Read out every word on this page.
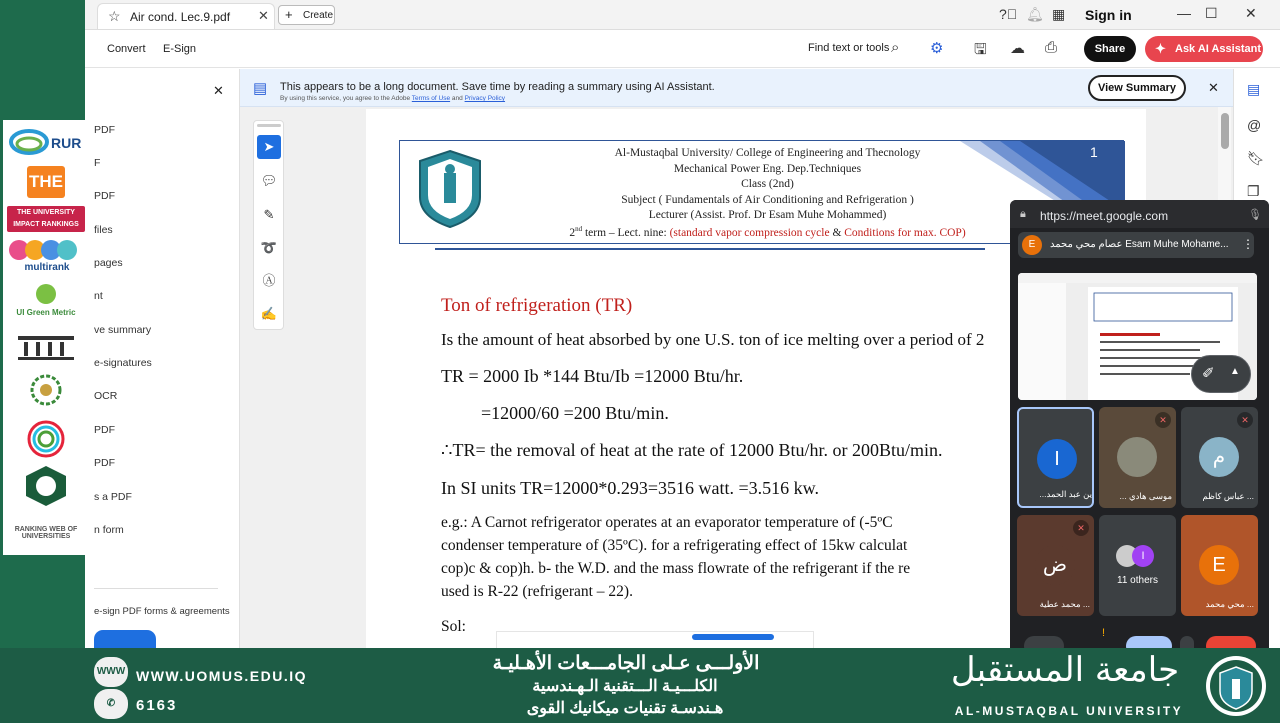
RUR
THE
THE UNIVERSITY IMPACT RANKINGS
multirank
UI Green Metric
RANKING WEB OF UNIVERSITIES
☆ Air cond. Lec.9.pdf ✕ + Create	?⃝ 🔔︎ ▦ Sign in	— ☐ ✕
Convert E-Sign	Find text or tools ⌕ ⚙ 🖫 ☁ ⎙	Share	✦ Ask AI Assistant
✕
PDF
F
PDF
files
pages
nt
ve summary
e-signatures
OCR
PDF
PDF
s a PDF
n form
e-sign PDF forms & agreements
▤ This appears to be a long document. Save time by reading a summary using AI Assistant.
By using this service, you agree to the Adobe Terms of Use and Privacy Policy
View Summary	✕
➤
💬︎
✎
➰
Ⓐ
✍
1
Al-Mustaqbal University/ College of Engineering and Thecnology
Mechanical Power Eng. Dep.Techniques
Class (2nd)
Subject ( Fundamentals of Air Conditioning and Refrigeration )
Lecturer (Assist. Prof. Dr Esam Muhe Mohammed)
2nd term – Lect. nine: (standard vapor compression cycle & Conditions for max. COP)
Ton of refrigeration (TR)
Is the amount of heat absorbed by one U.S. ton of ice melting over a period of 2
TR = 2000 Ib *144 Btu/Ib =12000 Btu/hr.
=12000/60 =200 Btu/min.
∴TR= the removal of heat at the rate of 12000 Btu/hr. or 200Btu/min.
In SI units TR=12000*0.293=3516 watt. =3.516 kw.
e.g.: A Carnot refrigerator operates at an evaporator temperature of (-5ºC
condenser temperature of (35ºC). for a refrigerating effect of 15kw calculat
cop)c & cop)h. b- the W.D. and the mass flowrate of the refrigerant if the re
used is R-22 (refrigerant – 22).
Sol:
▤
@
🔖︎
❐
🔒︎ https://meet.google.com	🎙︎
E	عصام محي محمد Esam Muhe Mohame... ⋮
✐ ▲
I
...ين عبد الحمد	... موسى هادي
✕
م
عباس كاظم ...
✕
ض
محمد عطية ...
✕
I
11 others
E
محي محمد ...
!
WWW
✆
WWW.UOMUS.EDU.IQ
6163
الأولـــى عـلى الجامـــعات الأهـليـة
الكلـــيـة الـــتقنية الـهـندسية
هـندسـة تقنيات ميكانيك القوى
جامعة المستقبل
AL-MUSTAQBAL UNIVERSITY
